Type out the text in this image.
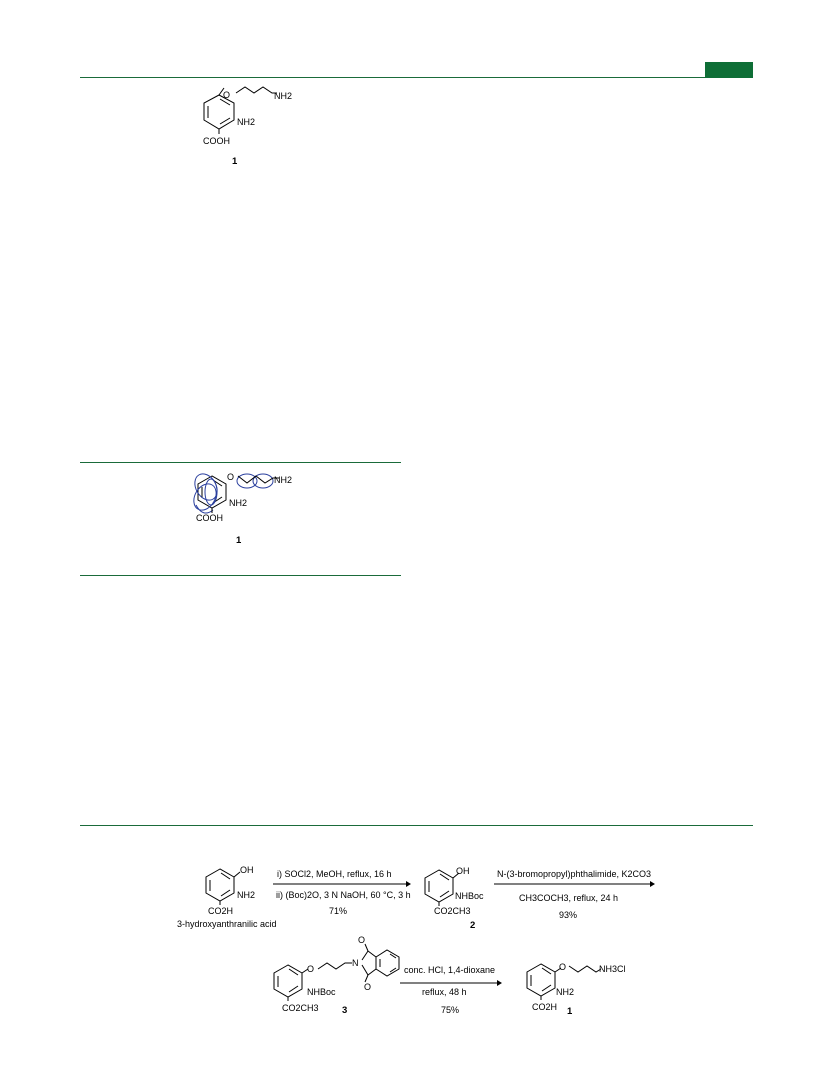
O	NH2
NH2
COOH
1
O	NH2
NH2
COOH
1
OH
NH2
CO2H
3-hydroxyanthranilic acid
i) SOCl2, MeOH, reflux, 16 h
ii) (Boc)2O, 3 N NaOH, 60 °C, 3 h
71%
OH
NHBoc
CO2CH3
2
N-(3-bromopropyl)phthalimide, K2CO3
CH3COCH3, reflux, 24 h
93%
O
N
O
O
NHBoc
CO2CH3 3
conc. HCl, 1,4-dioxane
reflux, 48 h
75%
O	NH3Cl
NH2
CO2H 1
